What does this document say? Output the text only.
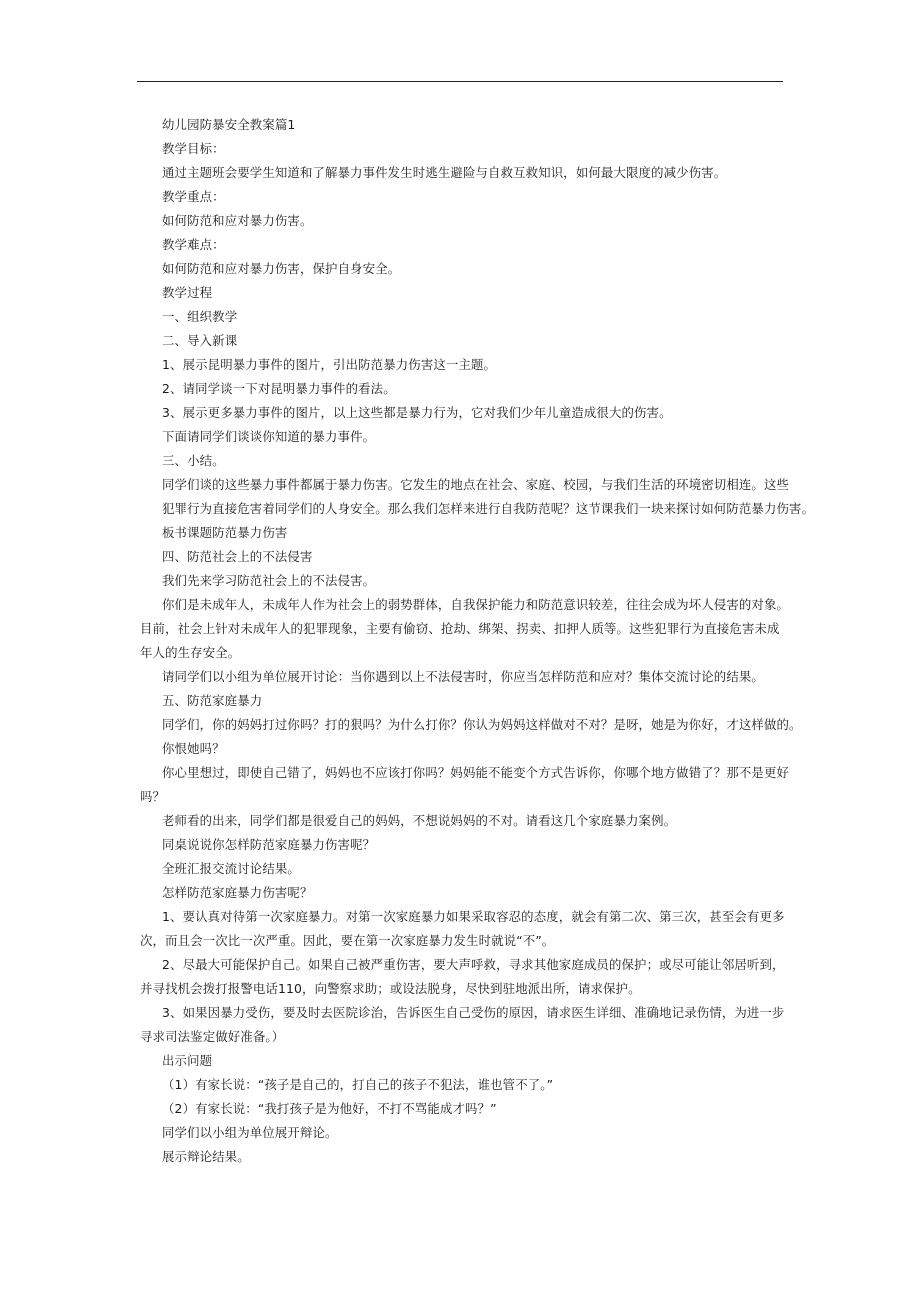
幼儿园防暴安全教案篇1
教学目标：
通过主题班会要学生知道和了解暴力事件发生时逃生避险与自救互救知识，如何最大限度的减少伤害。
教学重点：
如何防范和应对暴力伤害。
教学难点：
如何防范和应对暴力伤害，保护自身安全。
教学过程
一、组织教学
二、导入新课
1、展示昆明暴力事件的图片，引出防范暴力伤害这一主题。
2、请同学谈一下对昆明暴力事件的看法。
3、展示更多暴力事件的图片，以上这些都是暴力行为，它对我们少年儿童造成很大的伤害。
下面请同学们谈谈你知道的暴力事件。
三、小结。
同学们谈的这些暴力事件都属于暴力伤害。它发生的地点在社会、家庭、校园，与我们生活的环境密切相连。这些
犯罪行为直接危害着同学们的人身安全。那么我们怎样来进行自我防范呢？这节课我们一块来探讨如何防范暴力伤害。
板书课题防范暴力伤害
四、防范社会上的不法侵害
我们先来学习防范社会上的不法侵害。
你们是未成年人，未成年人作为社会上的弱势群体，自我保护能力和防范意识较差，往往会成为坏人侵害的对象。
目前，社会上针对未成年人的犯罪现象，主要有偷窃、抢劫、绑架、拐卖、扣押人质等。这些犯罪行为直接危害未成
年人的生存安全。
请同学们以小组为单位展开讨论：当你遇到以上不法侵害时，你应当怎样防范和应对？集体交流讨论的结果。
五、防范家庭暴力
同学们，你的妈妈打过你吗？打的狠吗？为什么打你？你认为妈妈这样做对不对？是呀，她是为你好，才这样做的。
你恨她吗？
你心里想过，即使自己错了，妈妈也不应该打你吗？妈妈能不能变个方式告诉你，你哪个地方做错了？那不是更好
吗？
老师看的出来，同学们都是很爱自己的妈妈，不想说妈妈的不对。请看这几个家庭暴力案例。
同桌说说你怎样防范家庭暴力伤害呢？
全班汇报交流讨论结果。
怎样防范家庭暴力伤害呢？
1、要认真对待第一次家庭暴力。对第一次家庭暴力如果采取容忍的态度，就会有第二次、第三次，甚至会有更多
次，而且会一次比一次严重。因此，要在第一次家庭暴力发生时就说“不”。
2、尽最大可能保护自己。如果自己被严重伤害，要大声呼救，寻求其他家庭成员的保护；或尽可能让邻居听到，
并寻找机会拨打报警电话110，向警察求助；或设法脱身，尽快到驻地派出所，请求保护。
3、如果因暴力受伤，要及时去医院诊治，告诉医生自己受伤的原因，请求医生详细、准确地记录伤情，为进一步
寻求司法鉴定做好准备。）
出示问题
（1）有家长说：“孩子是自己的，打自己的孩子不犯法，谁也管不了。”
（2）有家长说：“我打孩子是为他好，不打不骂能成才吗？”
同学们以小组为单位展开辩论。
展示辩论结果。
